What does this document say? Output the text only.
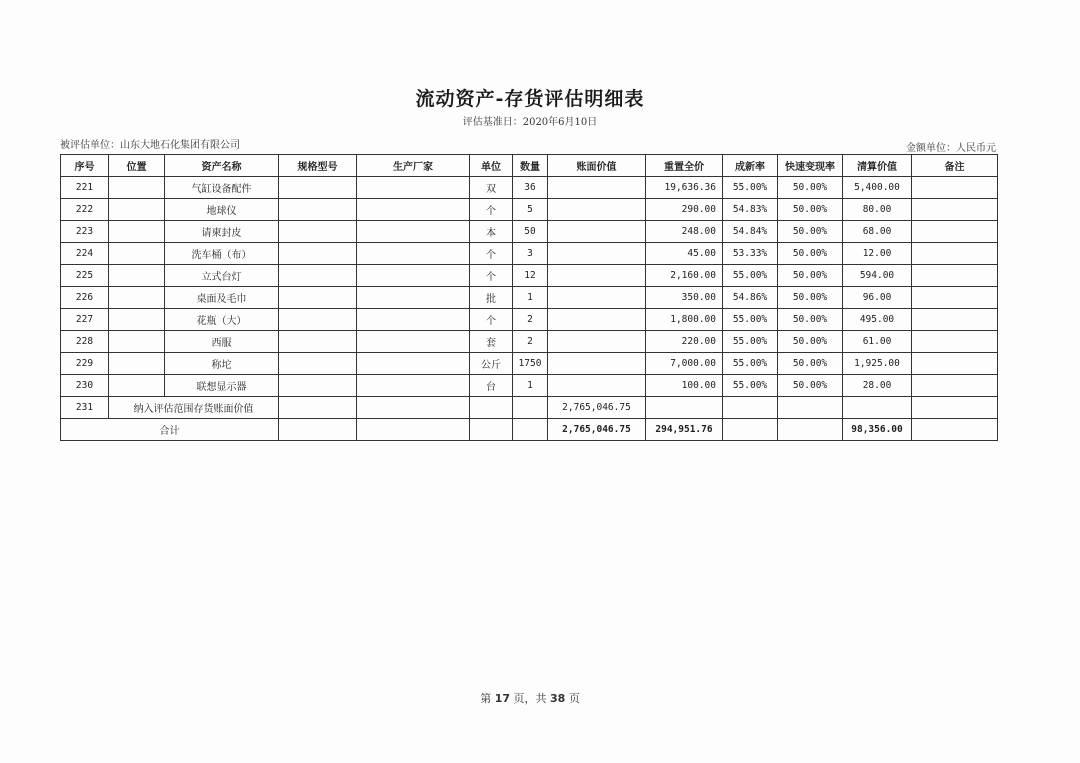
流动资产-存货评估明细表
评估基准日：2020年6月10日
被评估单位：山东大地石化集团有限公司	金额单位：人民币元
序号	位置	资产名称	规格型号	生产厂家	单位	数量	账面价值	重置全价	成新率	快速变现率	清算价值	备注
221		气缸设备配件			双	36		19,636.36	55.00%	50.00%	5,400.00	
222		地球仪			个	5		290.00	54.83%	50.00%	80.00	
223		请柬封皮			本	50		248.00	54.84%	50.00%	68.00	
224		洗车桶（布）			个	3		45.00	53.33%	50.00%	12.00	
225		立式台灯			个	12		2,160.00	55.00%	50.00%	594.00	
226		桌面及毛巾			批	1		350.00	54.86%	50.00%	96.00	
227		花瓶（大）			个	2		1,800.00	55.00%	50.00%	495.00	
228		西服			套	2		220.00	55.00%	50.00%	61.00	
229		称坨			公斤	1750		7,000.00	55.00%	50.00%	1,925.00	
230		联想显示器			台	1		100.00	55.00%	50.00%	28.00	
231	纳入评估范围存货账面价值						2,765,046.75					
合计							2,765,046.75	294,951.76			98,356.00	
第 17 页，共 38 页
